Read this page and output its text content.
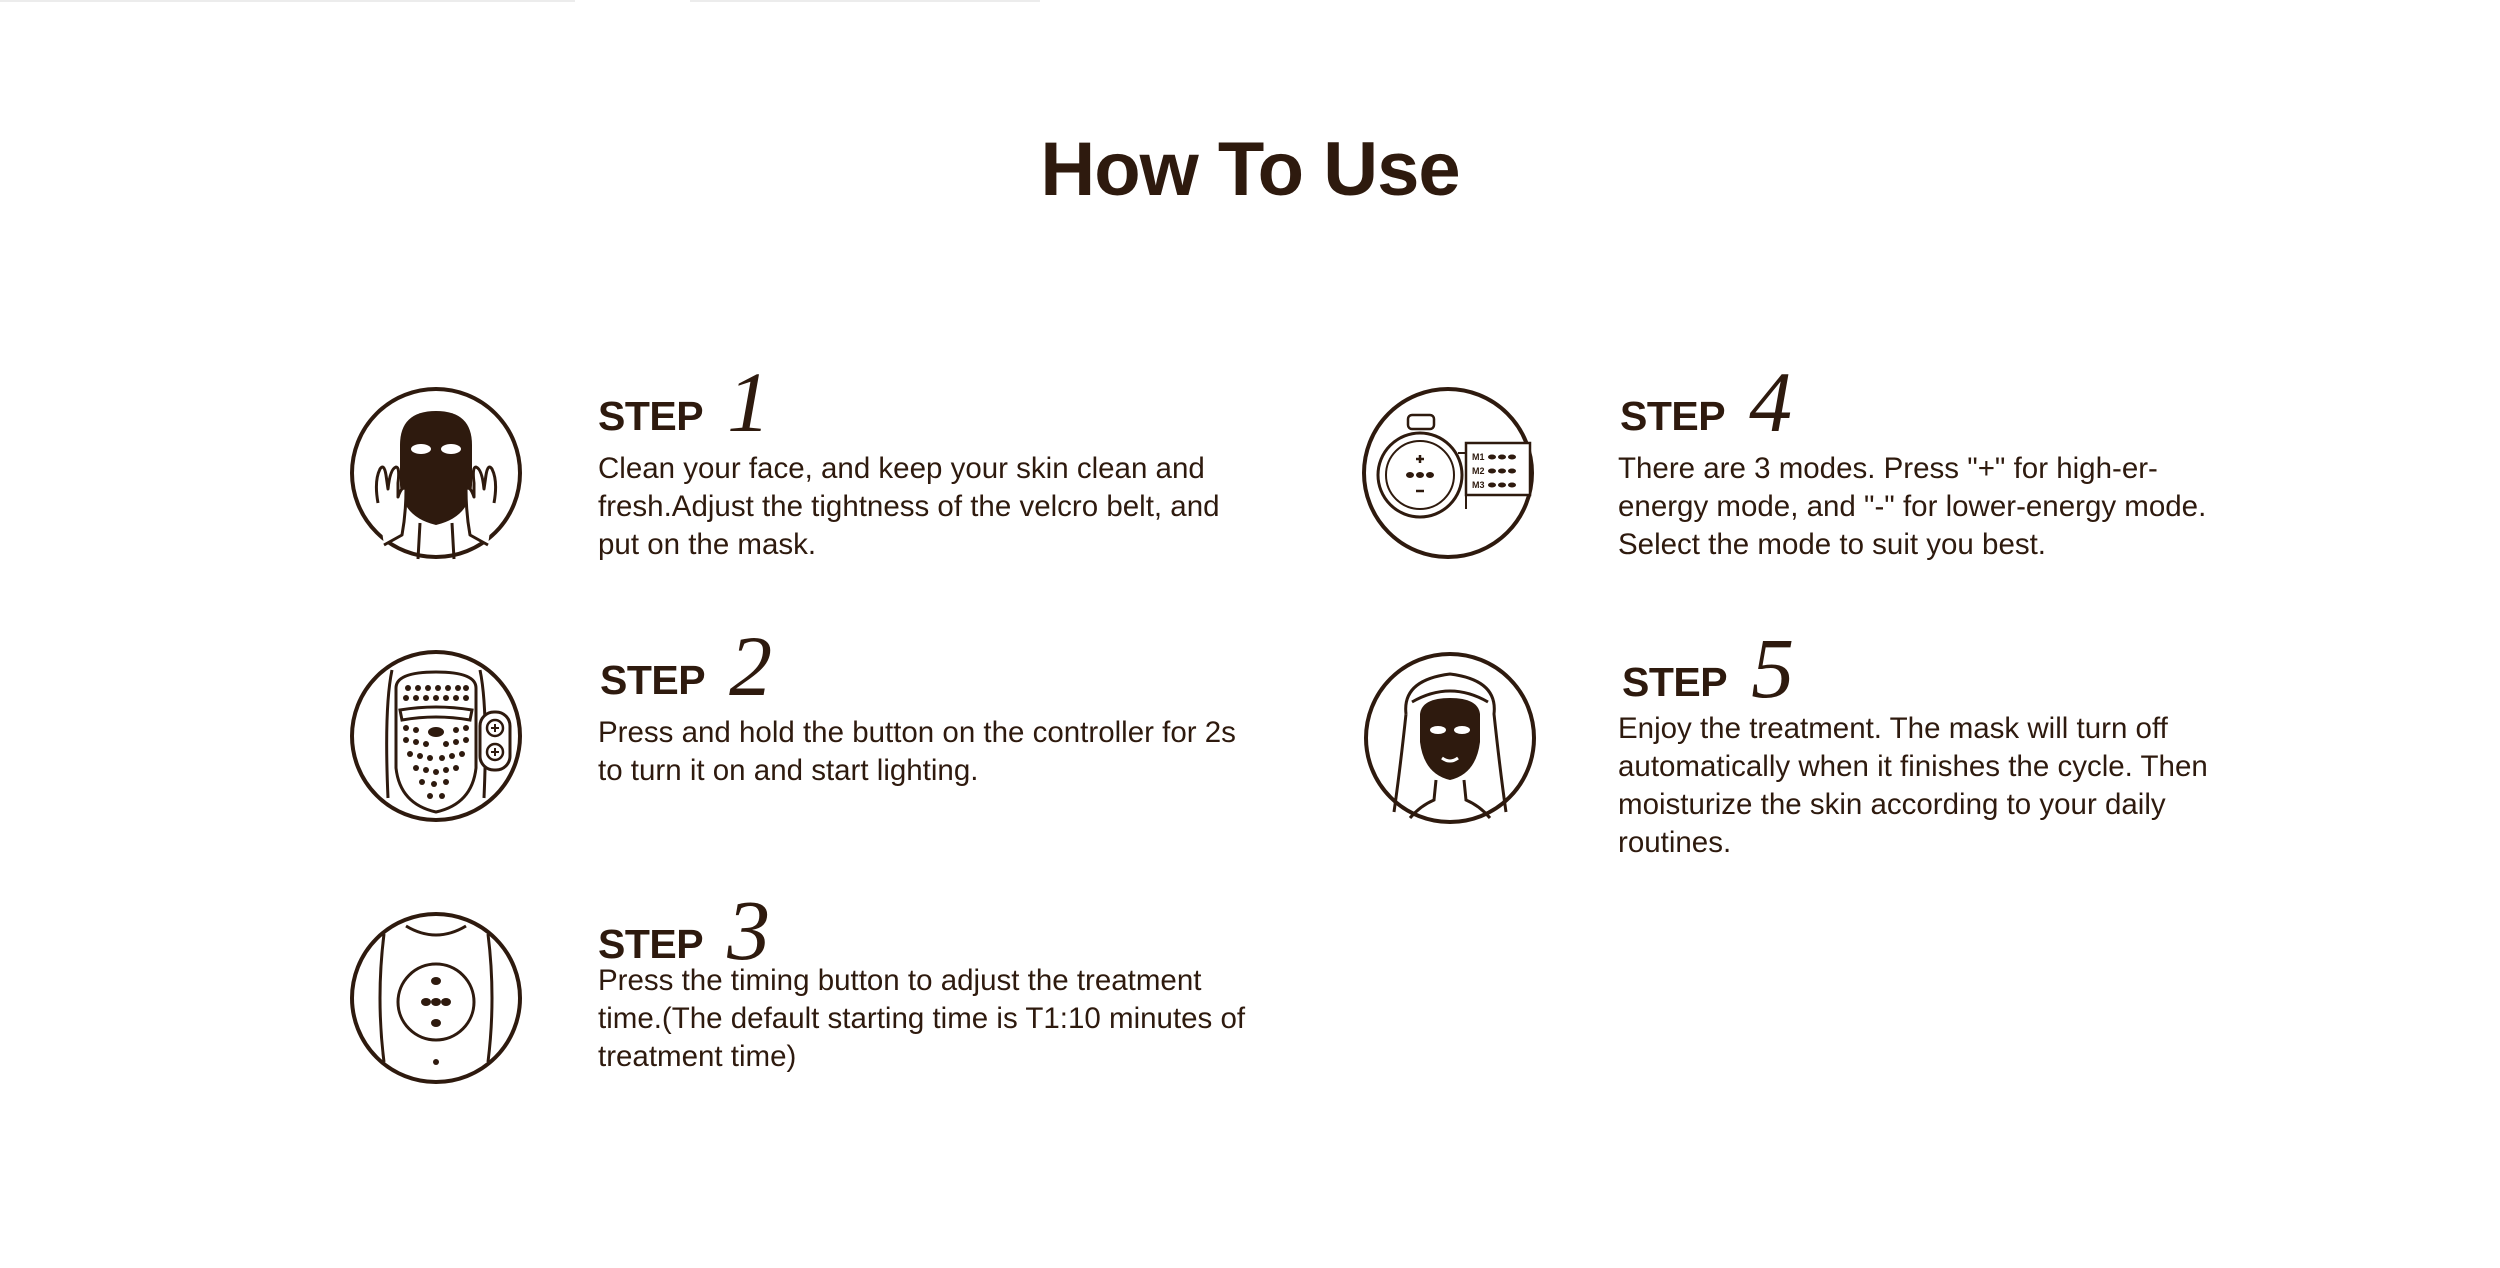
How To Use
STEP 1

Clean your face, and keep your skin clean and fresh.Adjust the tightness of the velcro belt, and put on the mask.

STEP 2

Press and hold the button on the controller for 2s to turn it on and start lighting.

STEP 3

Press the timing button to adjust the treatment time.(The default starting time is T1:10 minutes of treatment time)

M1
M2
M3
STEP 4

There are 3 modes. Press "+" for high-er-energy mode, and "-" for lower-energy mode. Select the mode to suit you best.

STEP 5

Enjoy the treatment. The mask will turn off automatically when it finishes the cycle. Then moisturize the skin according to your daily routines.
